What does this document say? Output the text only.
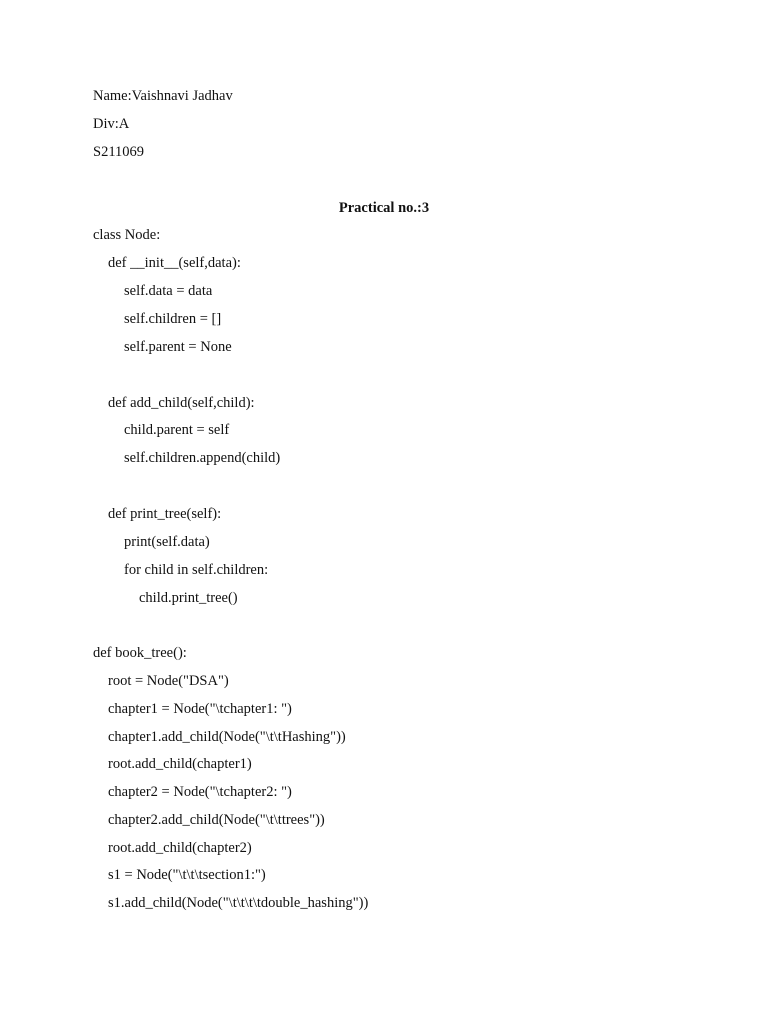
Name:Vaishnavi Jadhav

Div:A

S211069

Practical no.:3

class Node:

def __init__(self,data):

self.data = data

self.children = []

self.parent = None

def add_child(self,child):

child.parent = self

self.children.append(child)

def print_tree(self):

print(self.data)

for child in self.children:

child.print_tree()

def book_tree():

root = Node("DSA")

chapter1 = Node("\tchapter1: ")

chapter1.add_child(Node("\t\tHashing"))

root.add_child(chapter1)

chapter2 = Node("\tchapter2: ")

chapter2.add_child(Node("\t\ttrees"))

root.add_child(chapter2)

s1 = Node("\t\t\tsection1:")

s1.add_child(Node("\t\t\t\tdouble_hashing"))
